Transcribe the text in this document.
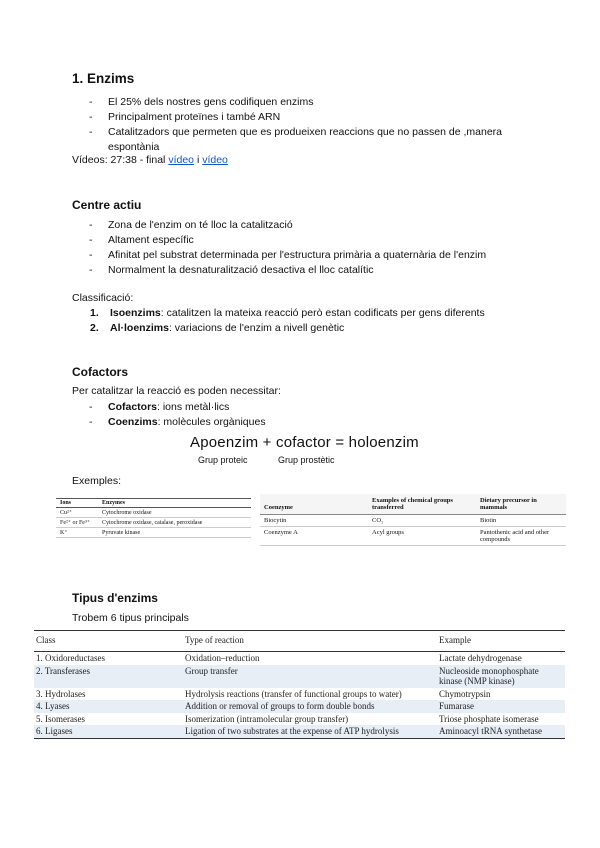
1. Enzims
- El 25% dels nostres gens codifiquen enzims
- Principalment proteïnes i també ARN
- Catalitzadors que permeten que es produeixen reaccions que no passen de ,manera espontània
Vídeos: 27:38 - final vídeo i vídeo
Centre actiu
- Zona de l'enzim on té lloc la catalització
- Altament específic
- Afinitat pel substrat determinada per l'estructura primària a quaternària de l'enzim
- Normalment la desnaturalització desactiva el lloc catalític
Classificació:
1. Isoenzims: catalitzen la mateixa reacció però estan codificats per gens diferents
2. Al·loenzims: variacions de l'enzim a nivell genètic
Cofactors
Per catalitzar la reacció es poden necessitar:
- Cofactors: ions metàl·lics
- Coenzims: molècules orgàniques
Apoenzim + cofactor = holoenzim
Grup proteic	Grup prostètic
Exemples:
Ions	Enzymes
Cu²⁺	Cytochrome oxidase
Fe²⁺ or Fe³⁺	Cytochrome oxidase, catalase, peroxidase
K⁺	Pyruvate kinase
Coenzyme	Examples of chemical groups transferred	Dietary precursor in mammals
Biocytin	CO₂	Biotin
Coenzyme A	Acyl groups	Pantothenic acid and other compounds
Tipus d'enzims
Trobem 6 tipus principals
Class	Type of reaction	Example
1. Oxidoreductases	Oxidation–reduction	Lactate dehydrogenase
2. Transferases	Group transfer	Nucleoside monophosphate kinase (NMP kinase)
3. Hydrolases	Hydrolysis reactions (transfer of functional groups to water)	Chymotrypsin
4. Lyases	Addition or removal of groups to form double bonds	Fumarase
5. Isomerases	Isomerization (intramolecular group transfer)	Triose phosphate isomerase
6. Ligases	Ligation of two substrates at the expense of ATP hydrolysis	Aminoacyl tRNA synthetase
